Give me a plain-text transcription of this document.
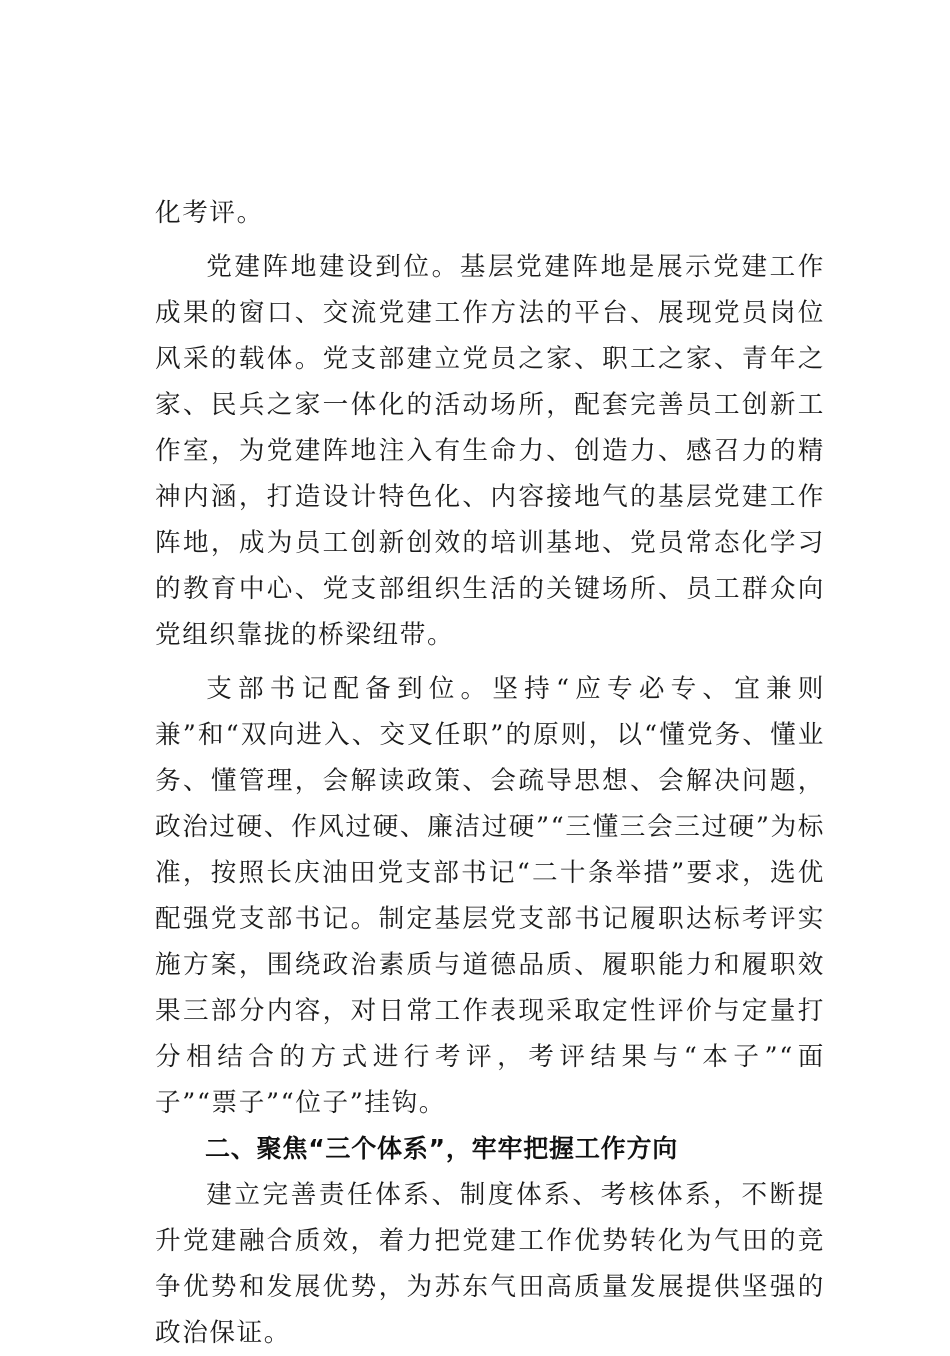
化考评。

党建阵地建设到位。基层党建阵地是展示党建工作成果的窗口、交流党建工作方法的平台、展现党员岗位风采的载体。党支部建立党员之家、职工之家、青年之家、民兵之家一体化的活动场所，配套完善员工创新工作室，为党建阵地注入有生命力、创造力、感召力的精神内涵，打造设计特色化、内容接地气的基层党建工作阵地，成为员工创新创效的培训基地、党员常态化学习的教育中心、党支部组织生活的关键场所、员工群众向党组织靠拢的桥梁纽带。

支部书记配备到位。坚持“应专必专、宜兼则兼”和“双向进入、交叉任职”的原则，以“懂党务、懂业务、懂管理，会解读政策、会疏导思想、会解决问题，政治过硬、作风过硬、廉洁过硬”“三懂三会三过硬”为标准，按照长庆油田党支部书记“二十条举措”要求，选优配强党支部书记。制定基层党支部书记履职达标考评实施方案，围绕政治素质与道德品质、履职能力和履职效果三部分内容，对日常工作表现采取定性评价与定量打分相结合的方式进行考评，考评结果与“本子”“面子”“票子”“位子”挂钩。

二、聚焦“三个体系”，牢牢把握工作方向

建立完善责任体系、制度体系、考核体系，不断提升党建融合质效，着力把党建工作优势转化为气田的竞争优势和发展优势，为苏东气田高质量发展提供坚强的政治保证。
